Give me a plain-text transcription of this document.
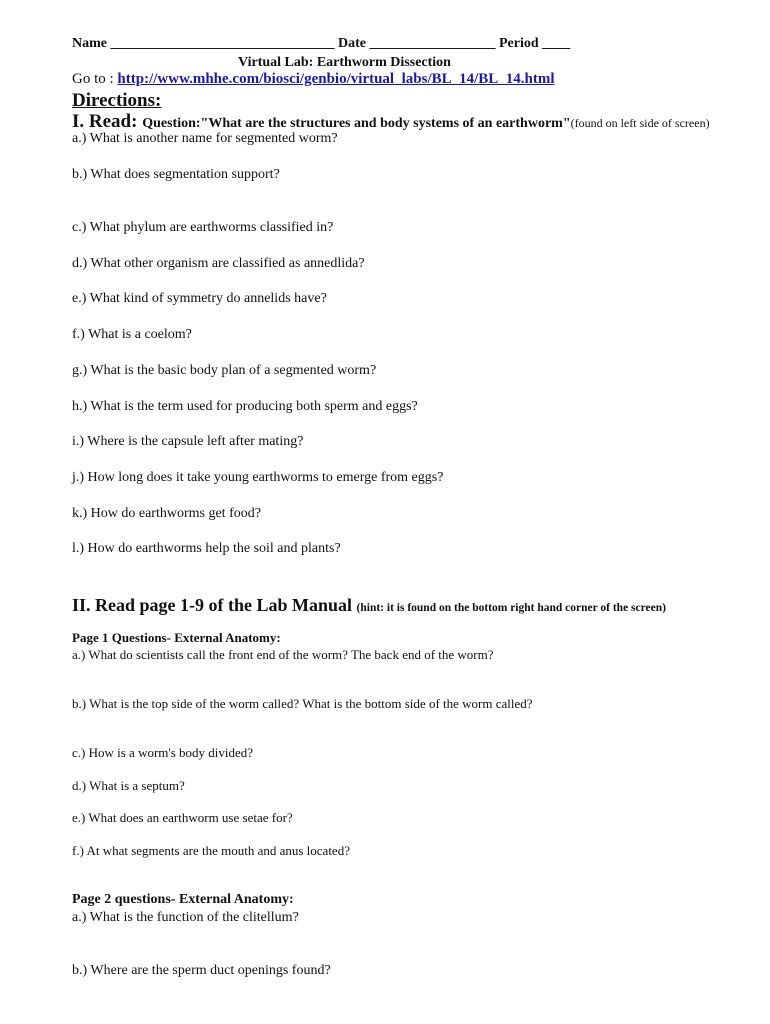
Name ________________________________ Date __________________ Period ____
Virtual Lab: Earthworm Dissection
Go to : http://www.mhhe.com/biosci/genbio/virtual_labs/BL_14/BL_14.html
Directions:
I. Read: Question:"What are the structures and body systems of an earthworm"(found on left side of screen)
a.) What is another name for segmented worm?
b.) What does segmentation support?
c.) What phylum are earthworms classified in?
d.) What other organism are classified as annedlida?
e.) What kind of symmetry do annelids have?
f.) What is a coelom?
g.) What is the basic body plan of a segmented worm?
h.) What is the term used for producing both sperm and eggs?
i.) Where is the capsule left after mating?
j.) How long does it take young earthworms to emerge from eggs?
k.) How do earthworms get food?
l.) How do earthworms help the soil and plants?
II. Read page 1-9 of the Lab Manual (hint: it is found on the bottom right hand corner of the screen)
Page 1 Questions- External Anatomy:
a.) What do scientists call the front end of the worm? The back end of the worm?
b.) What is the top side of the worm called? What is the bottom side of the worm called?
c.) How is a worm's body divided?
d.) What is a septum?
e.) What does an earthworm use setae for?
f.) At what segments are the mouth and anus located?
Page 2 questions- External Anatomy:
a.) What is the function of the clitellum?
b.) Where are the sperm duct openings found?
